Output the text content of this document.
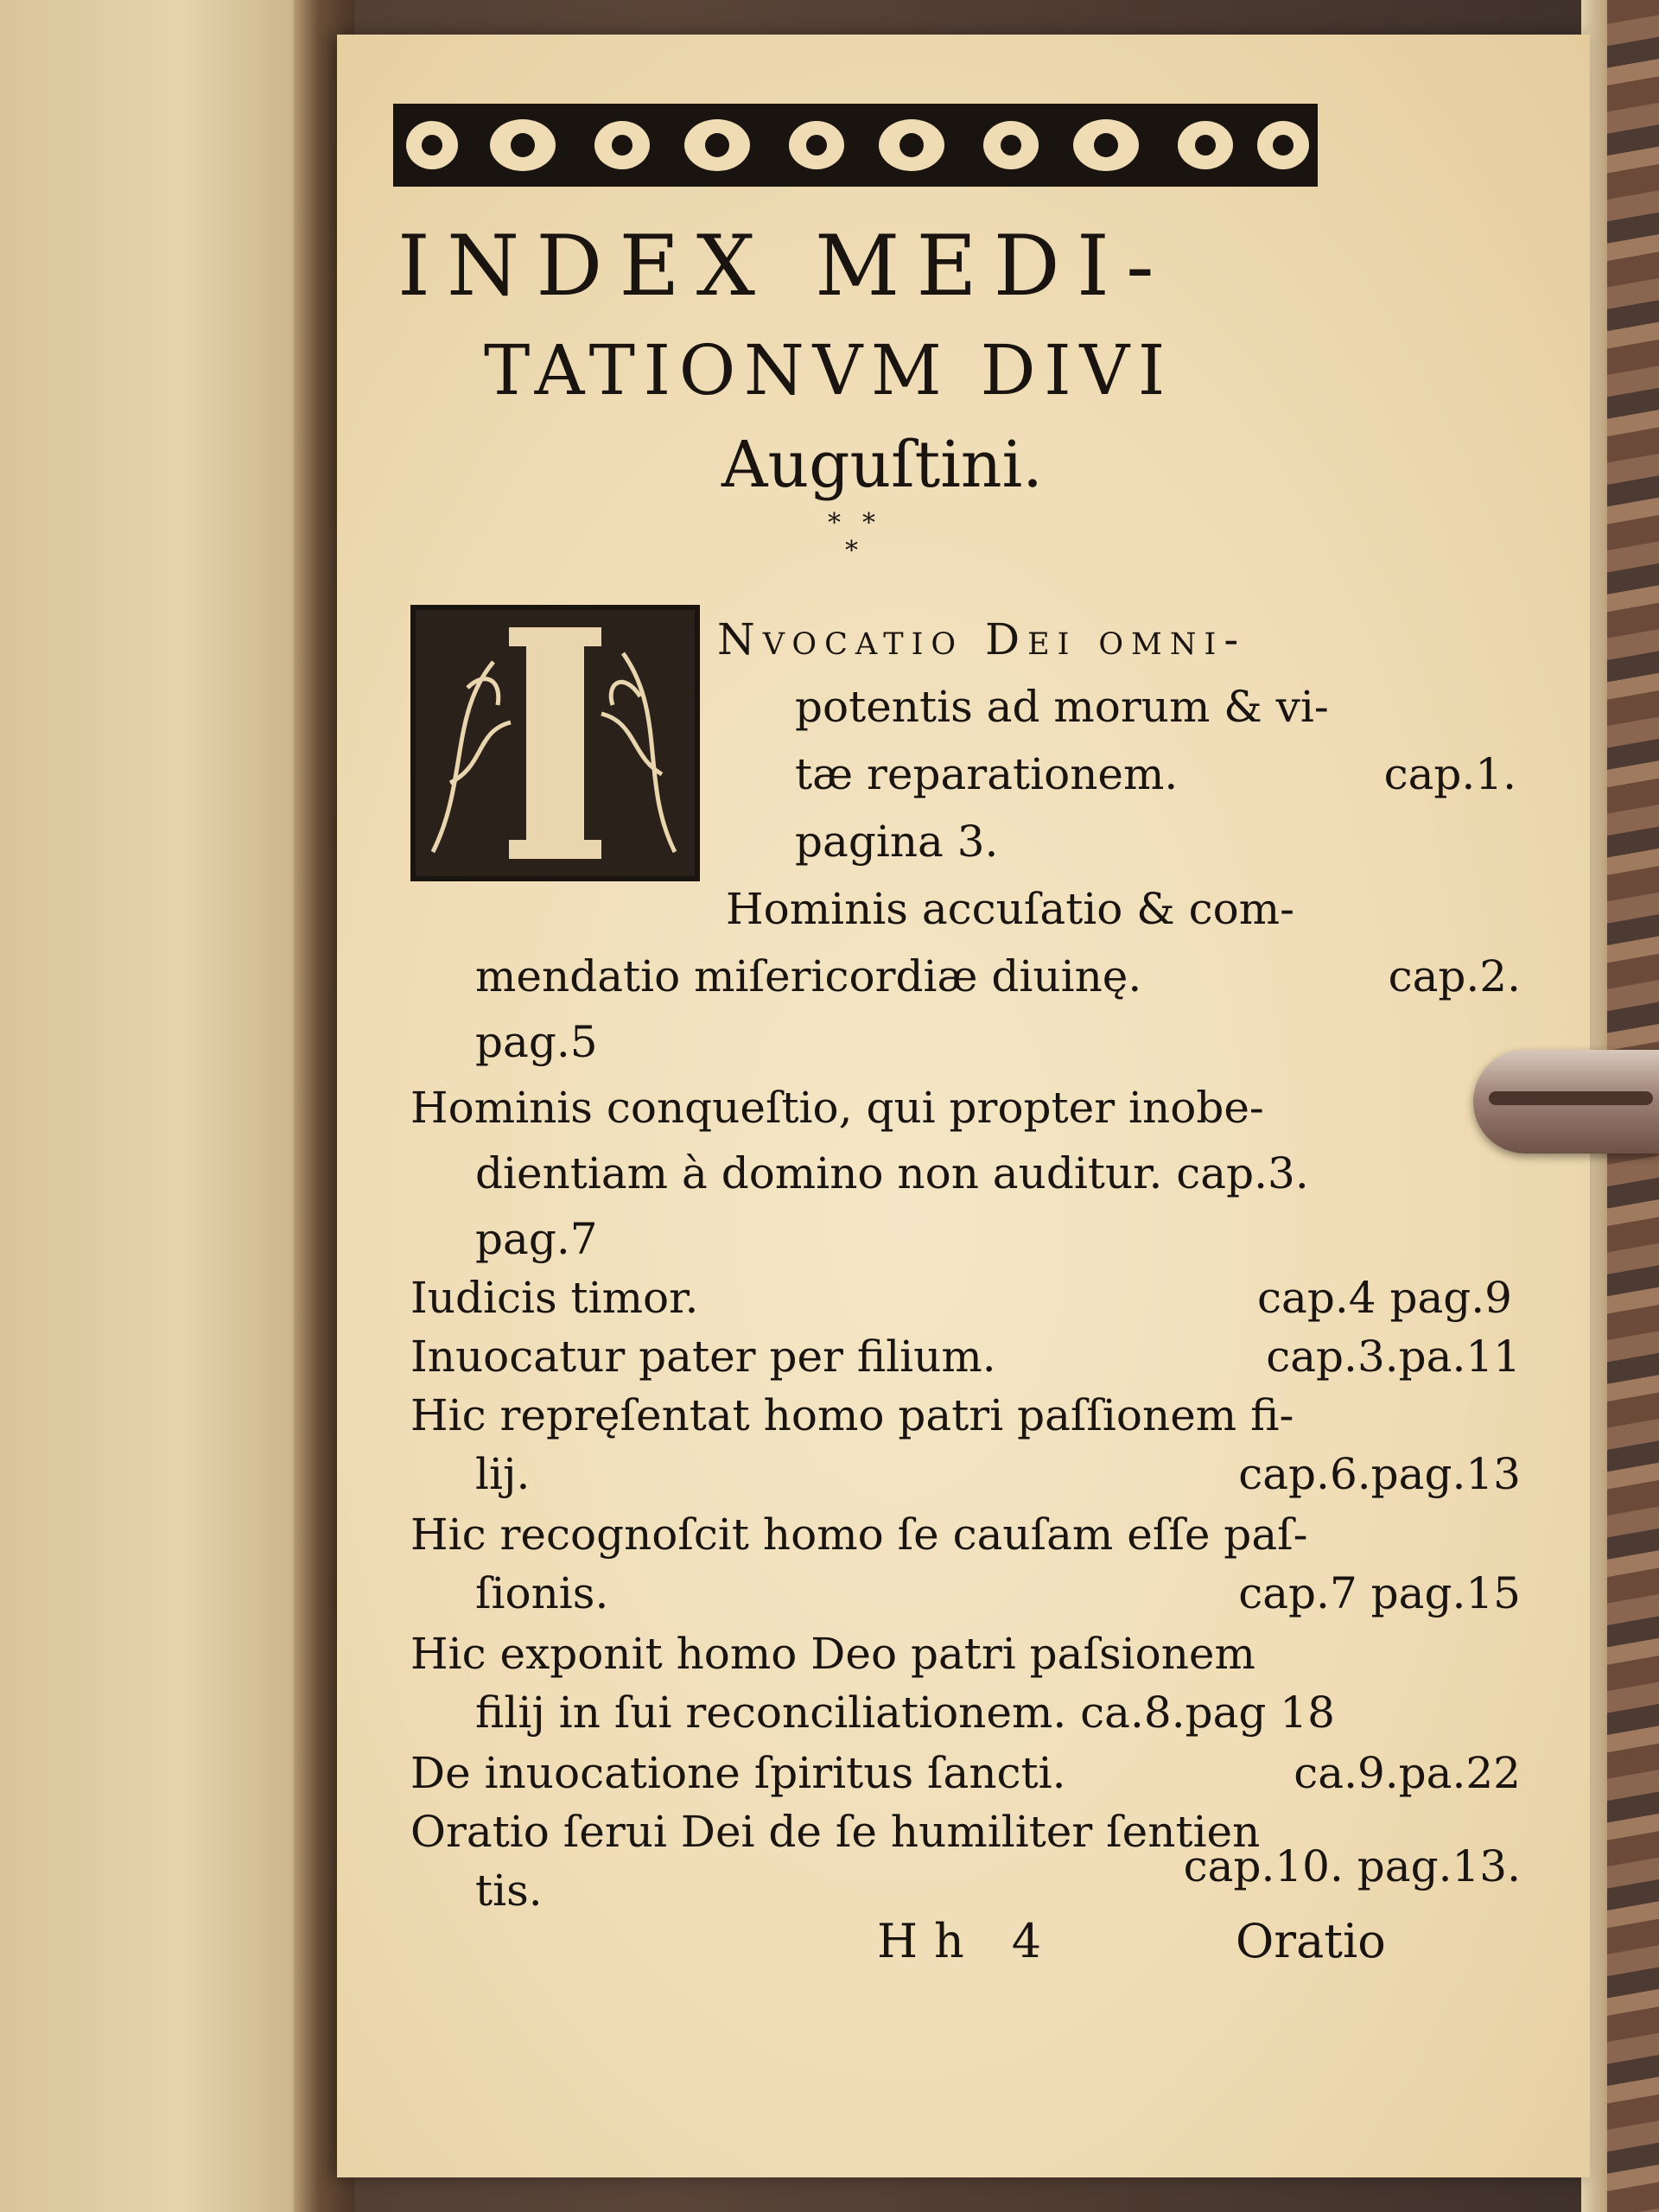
INDEX MEDI-
TATIONVM DIVI
Auguſtini.
* *
*
Nvocatio Dei omni-
potentis ad morum & vi-
tæ reparationem.	cap.1.
pagina 3.
Hominis accuſatio & com-
mendatio miſericordiæ diuinę.	cap.2.
pag.5
Hominis conqueſtio, qui propter inobe-
dientiam à domino non auditur. cap.3.
pag.7
Iudicis timor.	cap.4 pag.9
Inuocatur pater per filium.	cap.3.pa.11
Hic repręſentat homo patri paſſionem fi-
lij.	cap.6.pag.13
Hic recognoſcit homo ſe cauſam eſſe paſ-
ſionis.	cap.7 pag.15
Hic exponit homo Deo patri paſsionem
filij in ſui reconciliationem. ca.8.pag 18
De inuocatione ſpiritus ſancti.	ca.9.pa.22
Oratio ſerui Dei de ſe humiliter ſentien
tis.	cap.10. pag.13.
Hh 4	Oratio
